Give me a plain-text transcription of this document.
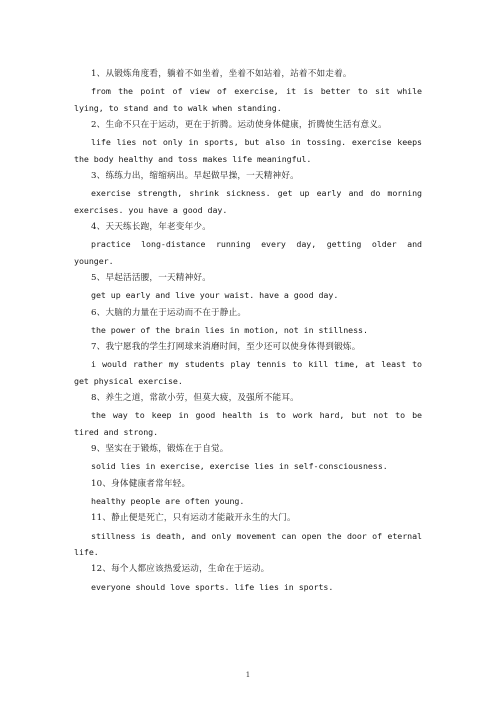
1、从锻炼角度看，躺着不如坐着，坐着不如站着，站着不如走着。

from the point of view of exercise, it is better to sit while lying, to stand and to walk when standing.

2、生命不只在于运动，更在于折腾。运动使身体健康，折腾使生活有意义。

life lies not only in sports, but also in tossing. exercise keeps the body healthy and toss makes life meaningful.

3、练练力出，缩缩病出。早起做早操，一天精神好。

exercise strength, shrink sickness. get up early and do morning exercises. you have a good day.

4、天天练长跑，年老变年少。

practice long-distance running every day, getting older and younger.

5、早起活活腰，一天精神好。

get up early and live your waist. have a good day.

6、大脑的力量在于运动而不在于静止。

the power of the brain lies in motion, not in stillness.

7、我宁愿我的学生打网球来消磨时间，至少还可以使身体得到锻炼。

i would rather my students play tennis to kill time, at least to get physical exercise.

8、养生之道，常欲小劳，但莫大疲，及强所不能耳。

the way to keep in good health is to work hard, but not to be tired and strong.

9、坚实在于锻炼，锻炼在于自觉。

solid lies in exercise, exercise lies in self-consciousness.

10、身体健康者常年轻。

healthy people are often young.

11、静止便是死亡，只有运动才能敲开永生的大门。

stillness is death, and only movement can open the door of eternal life.

12、每个人都应该热爱运动，生命在于运动。

everyone should love sports. life lies in sports.

1
